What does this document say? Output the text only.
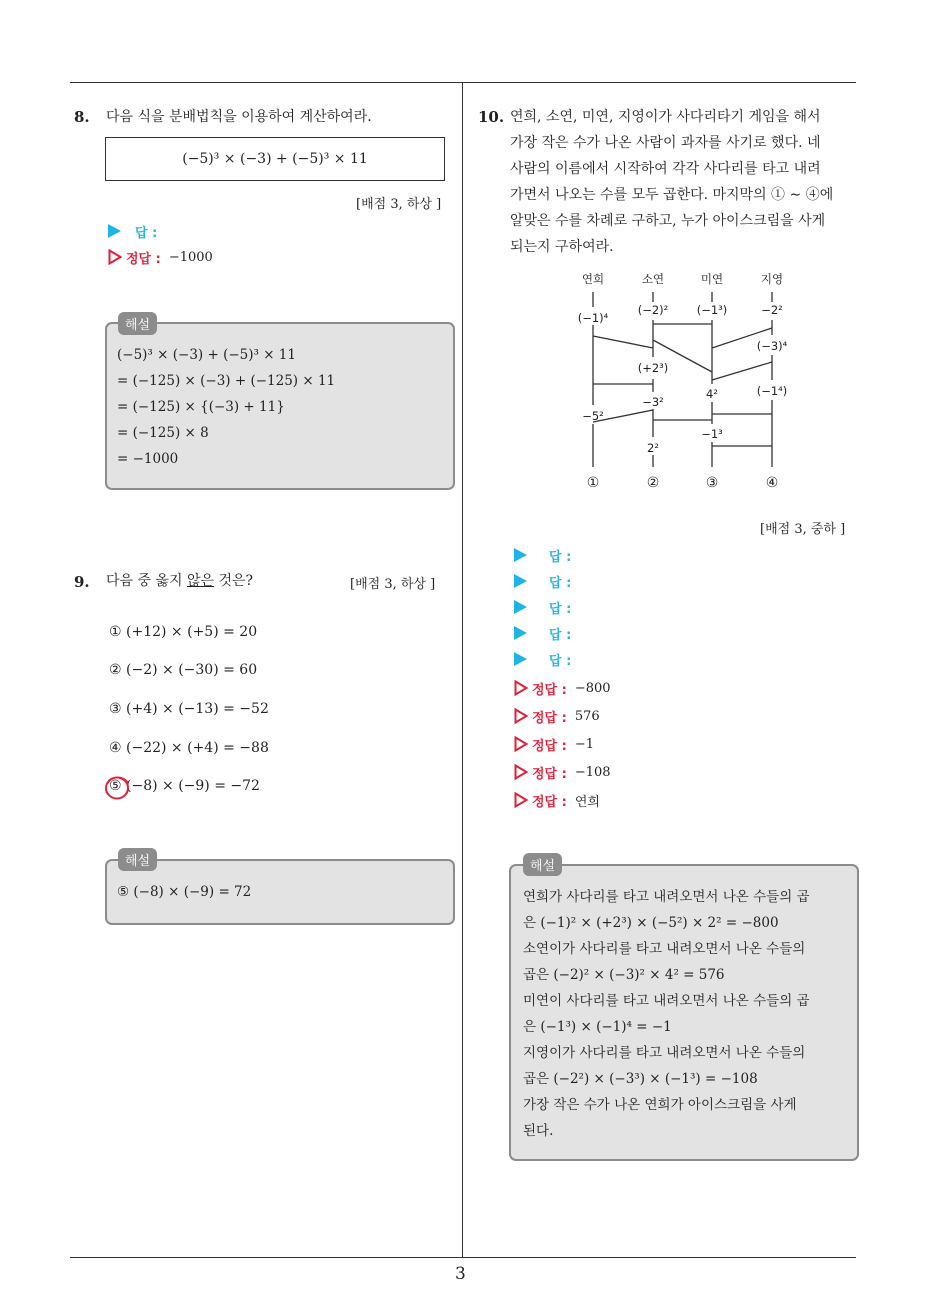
3
8. 다음 식을 분배법칙을 이용하여 계산하여라.
(−5)³ × (−3) + (−5)³ × 11
[배점 3, 하상 ]
답 :
정답 : −1000
(−5)³ × (−3) + (−5)³ × 11
= (−125) × (−3) + (−125) × 11
= (−125) × {(−3) + 11}
= (−125) × 8
= −1000
해설
9. 다음 중 옳지 않은 것은?	[배점 3, 하상 ]
① (+12) × (+5) = 20
② (−2) × (−30) = 60
③ (+4) × (−13) = −52
④ (−22) × (+4) = −88
⑤ (−8) × (−9) = −72
⑤ (−8) × (−9) = 72
해설
10. 연희, 소연, 미연, 지영이가 사다리타기 게임을 해서
가장 작은 수가 나온 사람이 과자를 사기로 했다. 네
사람의 이름에서 시작하여 각각 사다리를 타고 내려
가면서 나오는 수를 모두 곱한다. 마지막의 ① ∼ ④에
알맞은 수를 차례로 구하고, 누가 아이스크림을 사게
되는지 구하여라.
연희	소연	미연	지영
(−1)⁴
(−2)² (−1³)	−2²
(−3)⁴
(+2³)
−3²
4²	(−1⁴)
−5²
−1³
2²
①	②	③	④
[배점 3, 중하 ]
답 :
답 :
답 :
답 :
답 :
정답 : −800
정답 : 576
정답 : −1
정답 : −108
정답 : 연희
연희가 사다리를 타고 내려오면서 나온 수들의 곱
은 (−1)² × (+2³) × (−5²) × 2² = −800
소연이가 사다리를 타고 내려오면서 나온 수들의
곱은 (−2)² × (−3)² × 4² = 576
미연이 사다리를 타고 내려오면서 나온 수들의 곱
은 (−1³) × (−1)⁴ = −1
지영이가 사다리를 타고 내려오면서 나온 수들의
곱은 (−2²) × (−3³) × (−1³) = −108
가장 작은 수가 나온 연희가 아이스크림을 사게
된다.
해설
